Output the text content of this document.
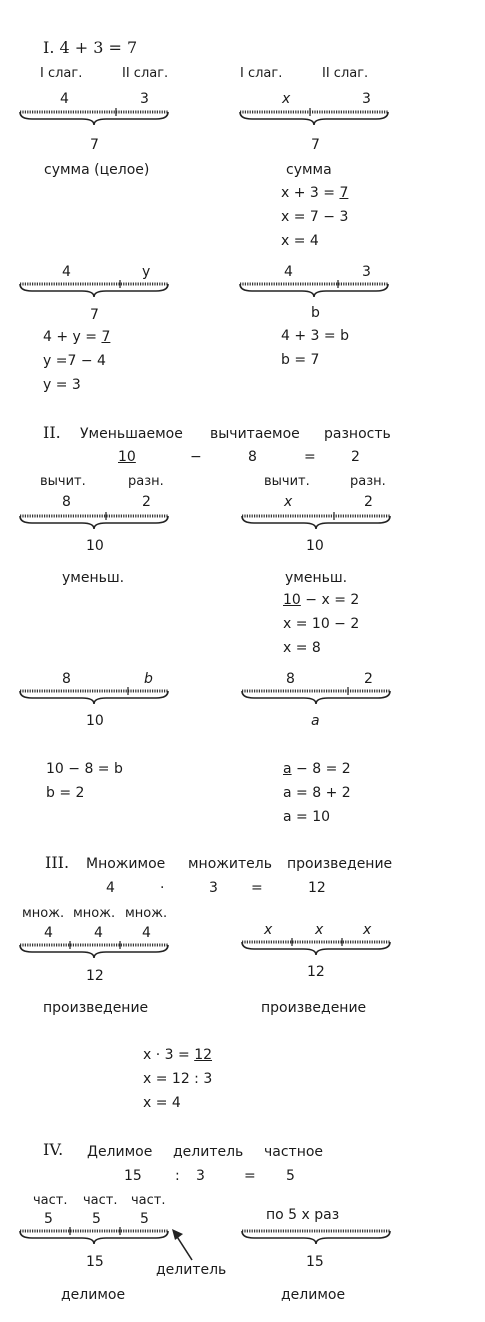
I. 4 + 3 = 7
I слаг.	II слаг.
4	3
7
сумма (целое)
I слаг.	II слаг.
x	3
7
сумма
x + 3 = 7
x = 7 − 3
x = 4
4	y
7
4 + y = 7
y =7 − 4
y = 3
4	3
b
4 + 3 = b
b = 7
II. Уменьшаемое вычитаемое разность
10	−	8	=	2
вычит.	разн.
8	2
10
уменьш.
вычит.	разн.
x	2
10
уменьш.
10 − x = 2
x = 10 − 2
x = 8
8	b
10
10 − 8 = b
b = 2
8	2
a
a − 8 = 2
a = 8 + 2
a = 10
III. Множимое множитель произведение
4	·	3 =	12
множ. множ. множ.
4	4	4
12
произведение
x	x	x
12
произведение
x · 3 = 12
x = 12 : 3
x = 4
IV. Делимое делитель частное
15 : 3	= 5
част. част. част.
5	5	5
15	делитель
делимое
по 5 x раз
15
делимое
